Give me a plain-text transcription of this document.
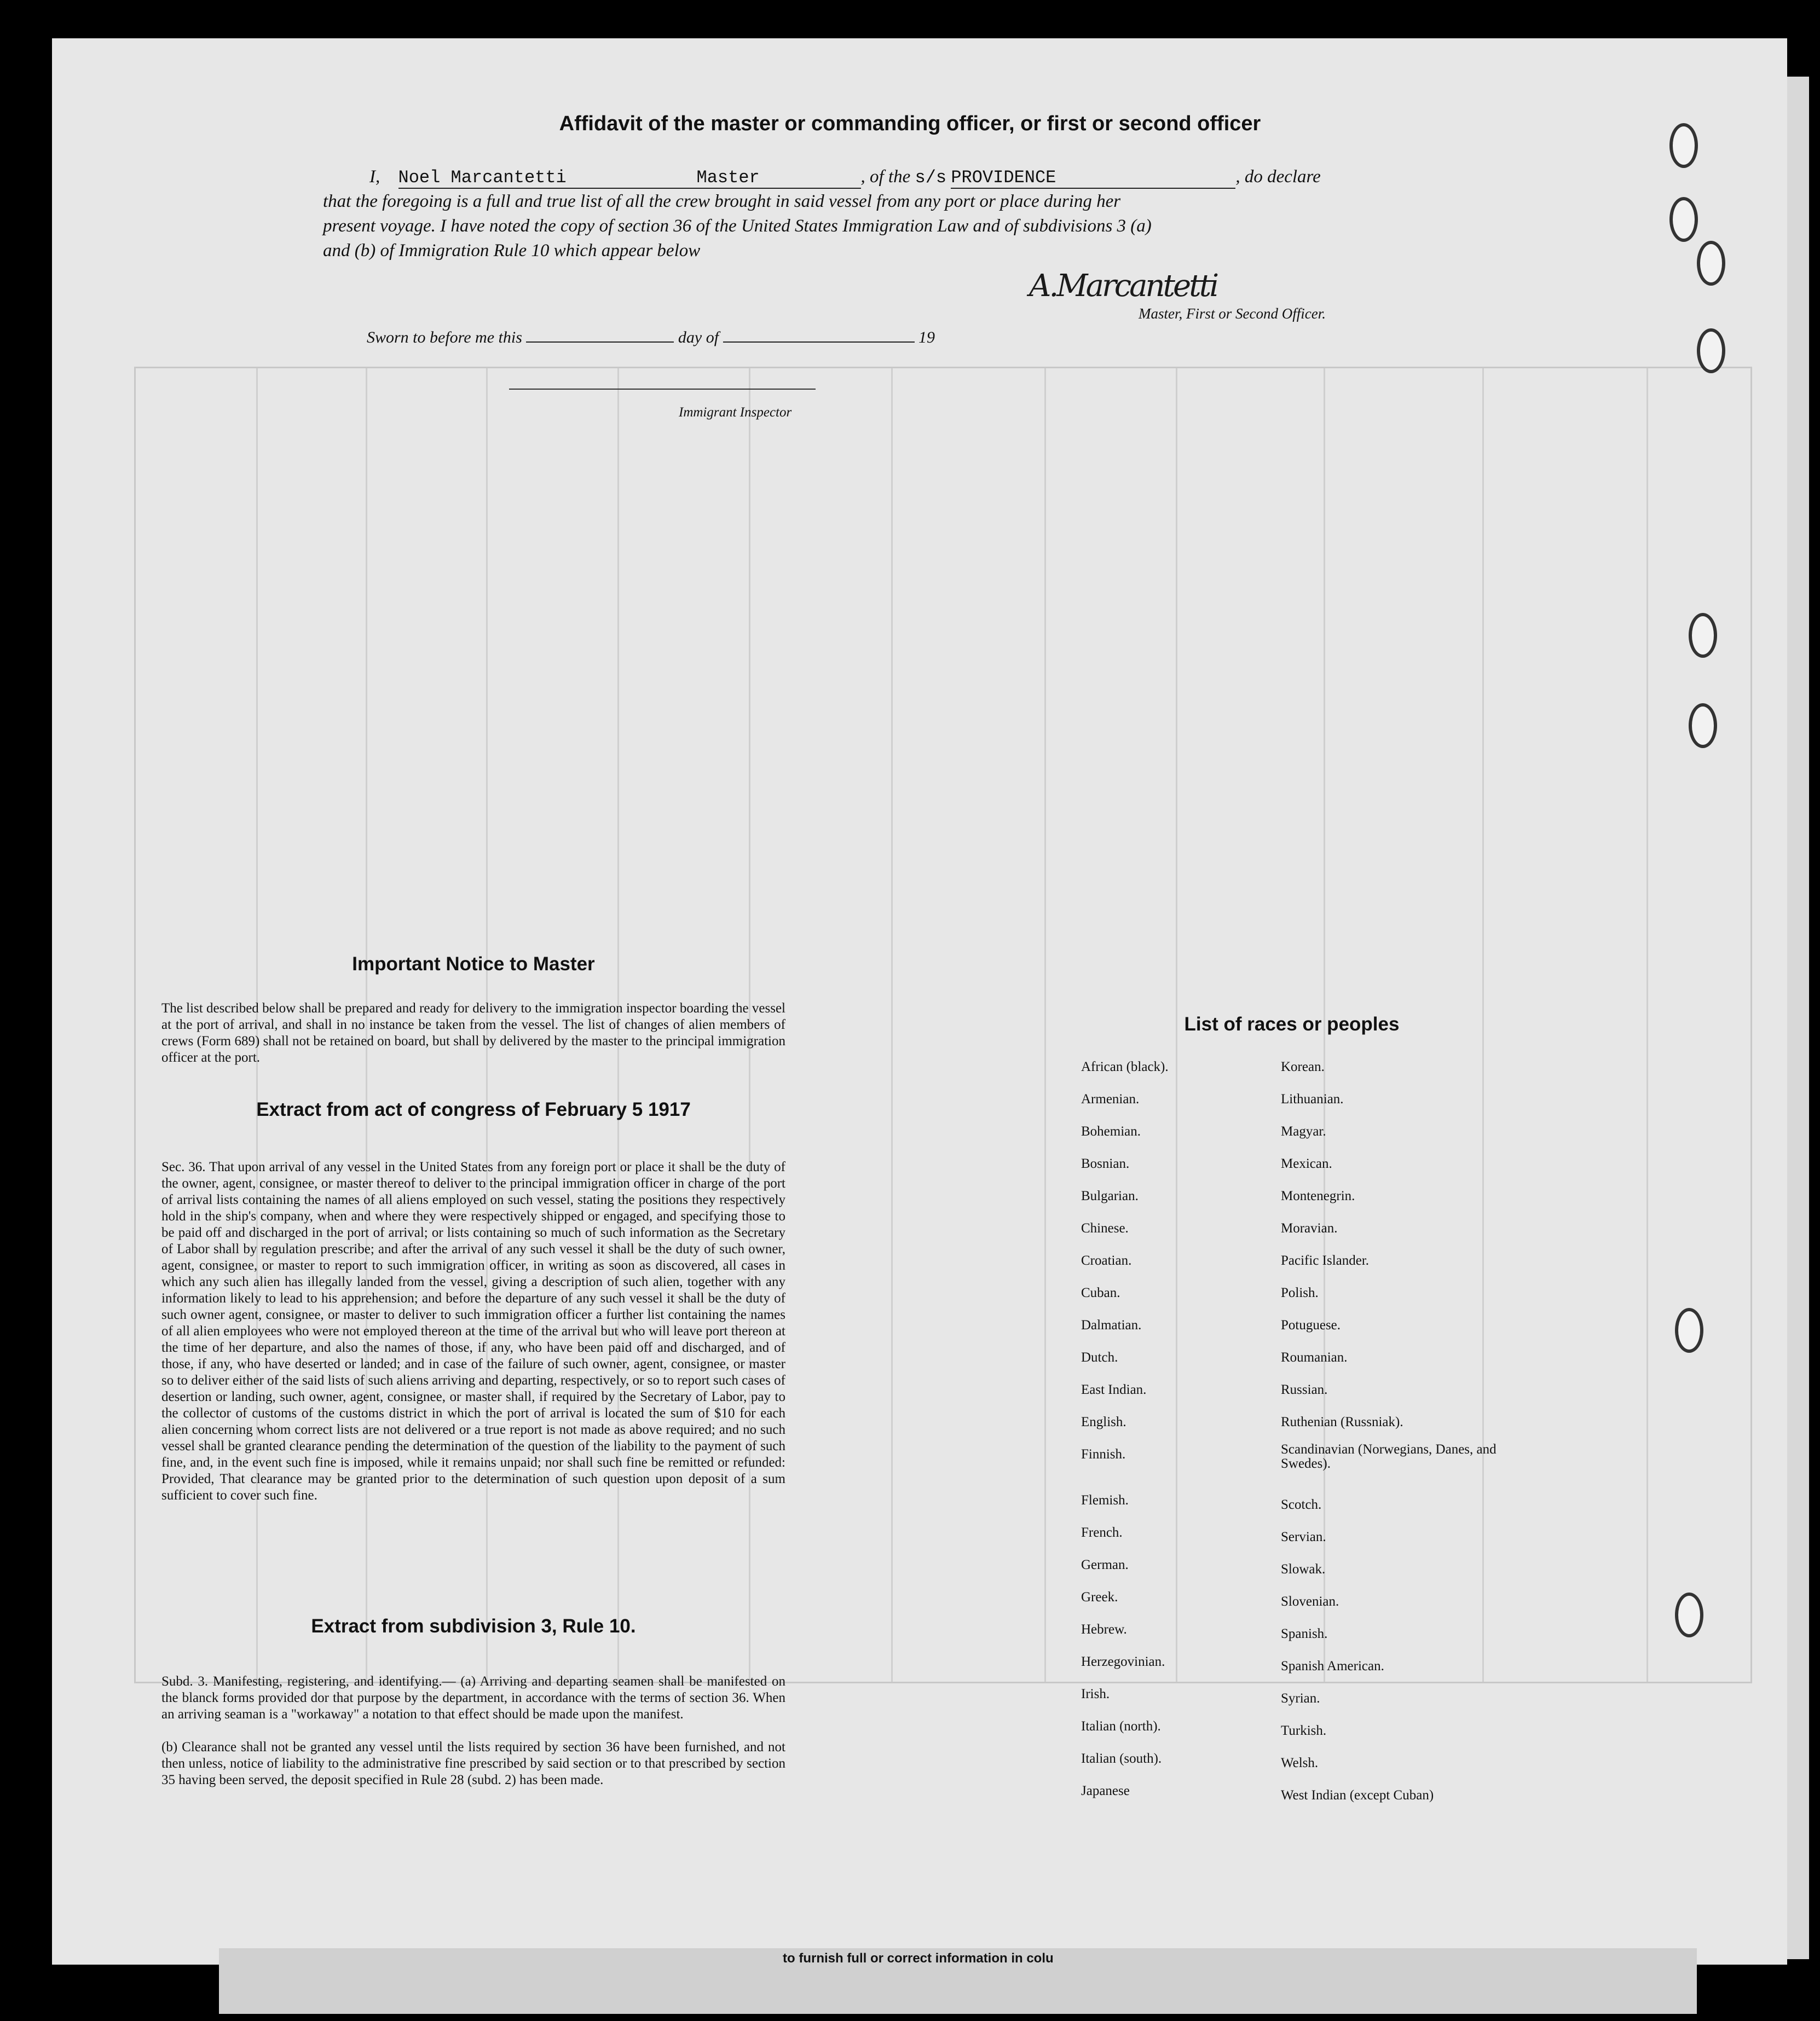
Affidavit of the master or commanding officer, or first or second officer
I, Noel Marcantetti	Master	, of the s/s PROVIDENCE	, do declare
that the foregoing is a full and true list of all the crew brought in said vessel from any port or place during her
present voyage. I have noted the copy of section 36 of the United States Immigration Law and of subdivisions 3 (a)
and (b) of Immigration Rule 10 which appear below
A.Marcantetti
Master, First or Second Officer.
Sworn to before me this	day of	19
Immigrant Inspector
Important Notice to Master
The list described below shall be prepared and ready for delivery to the immigration inspector boarding the vessel at the port of arrival, and shall in no instance be taken from the vessel. The list of changes of alien members of crews (Form 689) shall not be retained on board, but shall by delivered by the master to the principal immigration officer at the port.
Extract from act of congress of February 5 1917
Sec. 36. That upon arrival of any vessel in the United States from any foreign port or place it shall be the duty of the owner, agent, consignee, or master thereof to deliver to the principal immigration officer in charge of the port of arrival lists containing the names of all aliens employed on such vessel, stating the positions they respectively hold in the ship's company, when and where they were respectively shipped or engaged, and specifying those to be paid off and discharged in the port of arrival; or lists containing so much of such information as the Secretary of Labor shall by regulation prescribe; and after the arrival of any such vessel it shall be the duty of such owner, agent, consignee, or master to report to such immigration officer, in writing as soon as discovered, all cases in which any such alien has illegally landed from the vessel, giving a description of such alien, together with any information likely to lead to his apprehension; and before the departure of any such vessel it shall be the duty of such owner agent, consignee, or master to deliver to such immigration officer a further list containing the names of all alien employees who were not employed thereon at the time of the arrival but who will leave port thereon at the time of her departure, and also the names of those, if any, who have been paid off and discharged, and of those, if any, who have deserted or landed; and in case of the failure of such owner, agent, consignee, or master so to deliver either of the said lists of such aliens arriving and departing, respectively, or so to report such cases of desertion or landing, such owner, agent, consignee, or master shall, if required by the Secretary of Labor, pay to the collector of customs of the customs district in which the port of arrival is located the sum of $10 for each alien concerning whom correct lists are not delivered or a true report is not made as above required; and no such vessel shall be granted clearance pending the determination of the question of the liability to the payment of such fine, and, in the event such fine is imposed, while it remains unpaid; nor shall such fine be remitted or refunded: Provided, That clearance may be granted prior to the determination of such question upon deposit of a sum sufficient to cover such fine.
Extract from subdivision 3, Rule 10.
Subd. 3. Manifesting, registering, and identifying.— (a) Arriving and departing seamen shall be manifested on the blanck forms provided dor that purpose by the department, in accordance with the terms of section 36. When an arriving seaman is a "workaway" a notation to that effect should be made upon the manifest.
(b) Clearance shall not be granted any vessel until the lists required by section 36 have been furnished, and not then unless, notice of liability to the administrative fine prescribed by said section or to that prescribed by section 35 having been served, the deposit specified in Rule 28 (subd. 2) has been made.
List of races or peoples
African (black).
Armenian.
Bohemian.
Bosnian.
Bulgarian.
Chinese.
Croatian.
Cuban.
Dalmatian.
Dutch.
East Indian.
English.
Finnish.
Flemish.
French.
German.
Greek.
Hebrew.
Herzegovinian.
Irish.
Italian (north).
Italian (south).
Japanese
Korean.
Lithuanian.
Magyar.
Mexican.
Montenegrin.
Moravian.
Pacific Islander.
Polish.
Potuguese.
Roumanian.
Russian.
Ruthenian (Russniak).
Scandinavian (Norwegians, Danes, and Swedes).
Scotch.
Servian.
Slowak.
Slovenian.
Spanish.
Spanish American.
Syrian.
Turkish.
Welsh.
West Indian (except Cuban)
to furnish full or correct information in colu
